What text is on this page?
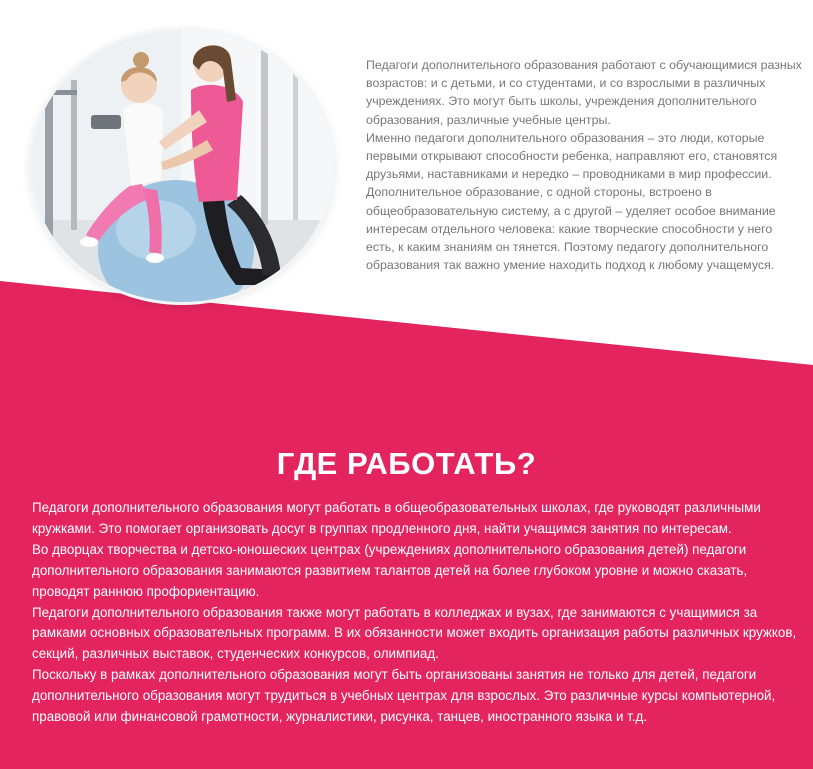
Педагоги дополнительного образования работают с обучающимися разных возрастов: и с детьми, и со студентами, и со взрослыми в различных учреждениях. Это могут быть школы, учреждения дополнительного образования, различные учебные центры.

Именно педагоги дополнительного образования – это люди, которые первыми открывают способности ребенка, направляют его, становятся друзьями, наставниками и нередко – проводниками в мир профессии.

Дополнительное образование, с одной стороны, встроено в общеобразовательную систему, а с другой – уделяет особое внимание интересам отдельного человека: какие творческие способности у него есть, к каким знаниям он тянется. Поэтому педагогу дополнительного образования так важно умение находить подход к любому учащемуся.

ГДЕ РАБОТАТЬ?

Педагоги дополнительного образования могут работать в общеобразовательных школах, где руководят различными кружками. Это помогает организовать досуг в группах продленного дня, найти учащимся занятия по интересам.

Во дворцах творчества и детско-юношеских центрах (учреждениях дополнительного образования детей) педагоги дополнительного образования занимаются развитием талантов детей на более глубоком уровне и можно сказать, проводят раннюю профориентацию.

Педагоги дополнительного образования также могут работать в колледжах и вузах, где занимаются с учащимися за рамками основных образовательных программ. В их обязанности может входить организация работы различных кружков, секций, различных выставок, студенческих конкурсов, олимпиад.

Поскольку в рамках дополнительного образования могут быть организованы занятия не только для детей, педагоги дополнительного образования могут трудиться в учебных центрах для взрослых. Это различные курсы компьютерной, правовой или финансовой грамотности, журналистики, рисунка, танцев, иностранного языка и т.д.
